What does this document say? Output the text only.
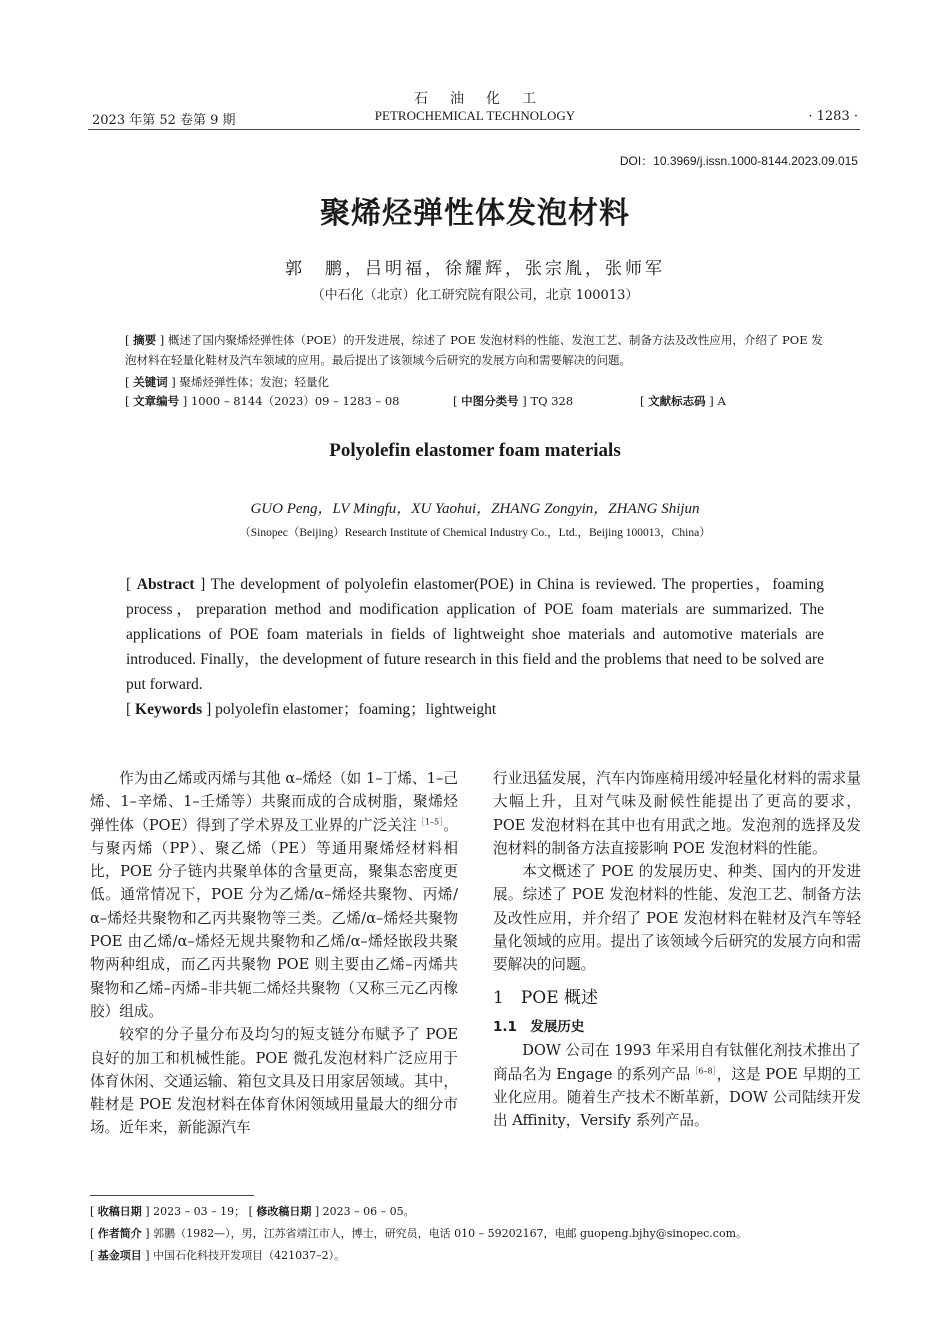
2023 年第 52 卷第 9 期
石油化工
PETROCHEMICAL TECHNOLOGY	· 1283 ·
DOI：10.3969/j.issn.1000-8144.2023.09.015
聚烯烃弹性体发泡材料
郭　鹏，吕明福，徐耀辉，张宗胤，张师军
（中石化（北京）化工研究院有限公司，北京 100013）
[ 摘要 ] 概述了国内聚烯烃弹性体（POE）的开发进展，综述了 POE 发泡材料的性能、发泡工艺、制备方法及改性应用，介绍了 POE 发泡材料在轻量化鞋材及汽车领域的应用。最后提出了该领域今后研究的发展方向和需要解决的问题。
[ 关键词 ] 聚烯烃弹性体；发泡；轻量化
[ 文章编号 ] 1000 – 8144（2023）09 – 1283 – 08	[ 中图分类号 ] TQ 328	[ 文献标志码 ] A
Polyolefin elastomer foam materials
GUO Peng，LV Mingfu，XU Yaohui，ZHANG Zongyin，ZHANG Shijun
（Sinopec（Beijing）Research Institute of Chemical Industry Co.，Ltd.，Beijing 100013，China）
[ Abstract ] The development of polyolefin elastomer(POE) in China is reviewed. The properties，foaming process，preparation method and modification application of POE foam materials are summarized. The applications of POE foam materials in fields of lightweight shoe materials and automotive materials are introduced. Finally，the development of future research in this field and the problems that need to be solved are put forward.
[ Keywords ] polyolefin elastomer；foaming；lightweight

作为由乙烯或丙烯与其他 α–烯烃（如 1–丁烯、1–己烯、1–辛烯、1–壬烯等）共聚而成的合成树脂，聚烯烃弹性体（POE）得到了学术界及工业界的广泛关注$^{[1-5]}$。与聚丙烯（PP）、聚乙烯（PE）等通用聚烯烃材料相比，POE 分子链内共聚单体的含量更高，聚集态密度更低。通常情况下，POE 分为乙烯/α–烯烃共聚物、丙烯/α–烯烃共聚物和乙丙共聚物等三类。乙烯/α–烯烃共聚物 POE 由乙烯/α–烯烃无规共聚物和乙烯/α–烯烃嵌段共聚物两种组成，而乙丙共聚物 POE 则主要由乙烯–丙烯共聚物和乙烯–丙烯–非共轭二烯烃共聚物（又称三元乙丙橡胶）组成。

较窄的分子量分布及均匀的短支链分布赋予了 POE 良好的加工和机械性能。POE 微孔发泡材料广泛应用于体育休闲、交通运输、箱包文具及日用家居领域。其中，鞋材是 POE 发泡材料在体育休闲领域用量最大的细分市场。近年来，新能源汽车

行业迅猛发展，汽车内饰座椅用缓冲轻量化材料的需求量大幅上升，且对气味及耐候性能提出了更高的要求，POE 发泡材料在其中也有用武之地。发泡剂的选择及发泡材料的制备方法直接影响 POE 发泡材料的性能。

本文概述了 POE 的发展历史、种类、国内的开发进展。综述了 POE 发泡材料的性能、发泡工艺、制备方法及改性应用，并介绍了 POE 发泡材料在鞋材及汽车等轻量化领域的应用。提出了该领域今后研究的发展方向和需要解决的问题。

1　POE 概述
1.1　发展历史

DOW 公司在 1993 年采用自有钛催化剂技术推出了商品名为 Engage 的系列产品$^{[6-8]}$，这是 POE 早期的工业化应用。随着生产技术不断革新，DOW 公司陆续开发出 Affinity，Versify 系列产品。

[ 收稿日期 ] 2023 – 03 – 19； [ 修改稿日期 ] 2023 – 06 – 05。
[ 作者简介 ] 郭鹏（1982—），男，江苏省靖江市人，博士，研究员，电话 010 – 59202167，电邮 guopeng.bjhy@sinopec.com。
[ 基金项目 ] 中国石化科技开发项目（421037–2）。
